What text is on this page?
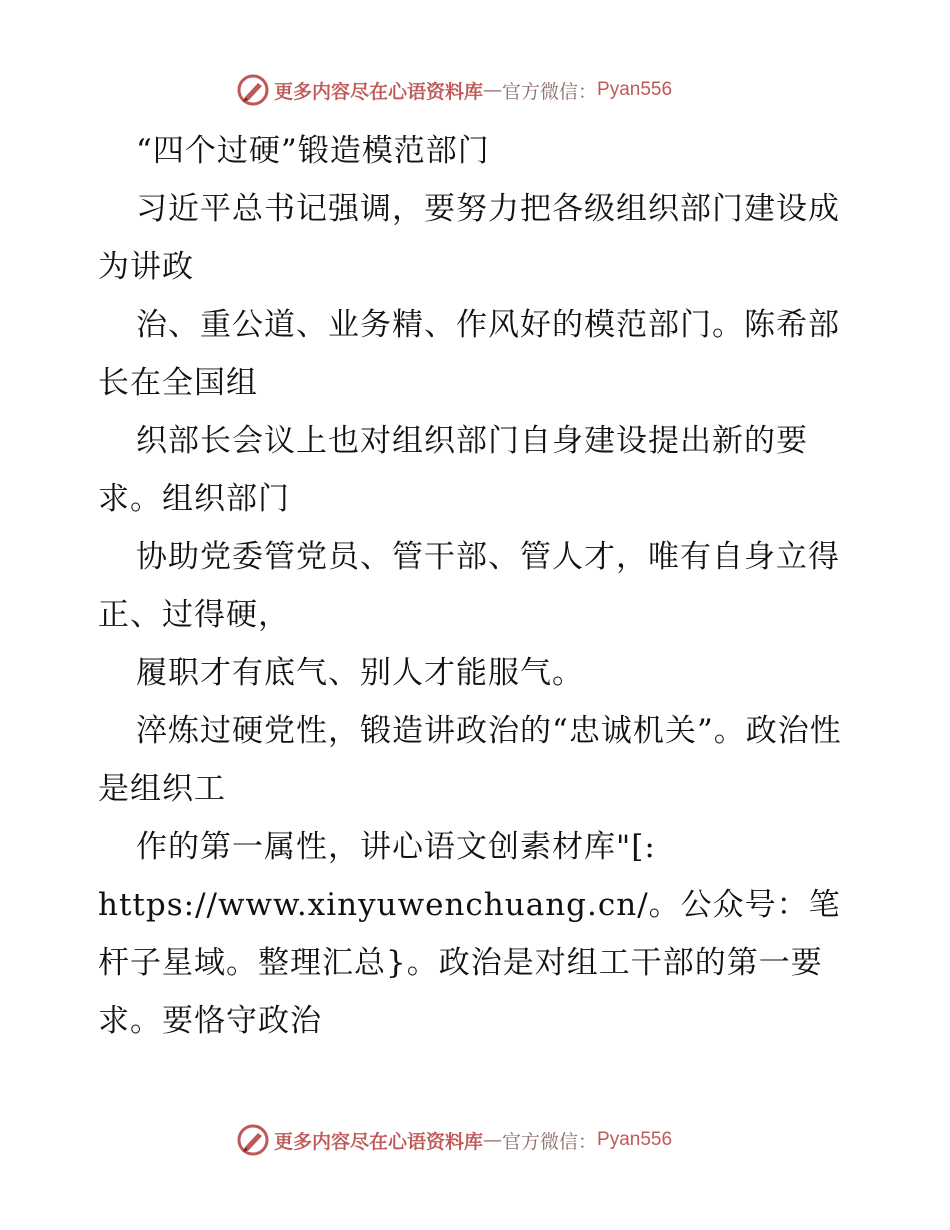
更多内容尽在心语资料库 — 官方微信： Pyan556

“四个过硬”锻造模范部门

习近平总书记强调，要努力把各级组织部门建设成为讲政

治、重公道、业务精、作风好的模范部门。陈希部长在全国组

织部长会议上也对组织部门自身建设提出新的要求。组织部门

协助党委管党员、管干部、管人才，唯有自身立得正、过得硬，

履职才有底气、别人才能服气。

淬炼过硬党性，锻造讲政治的“忠诚机关”。政治性是组织工

作的第一属性，讲心语文创素材库"[:

https://www.xinyuwenchuang.cn/。公众号：笔杆子星域。整理汇总}。政治是对组工干部的第一要求。要恪守政治

更多内容尽在心语资料库 — 官方微信： Pyan556
